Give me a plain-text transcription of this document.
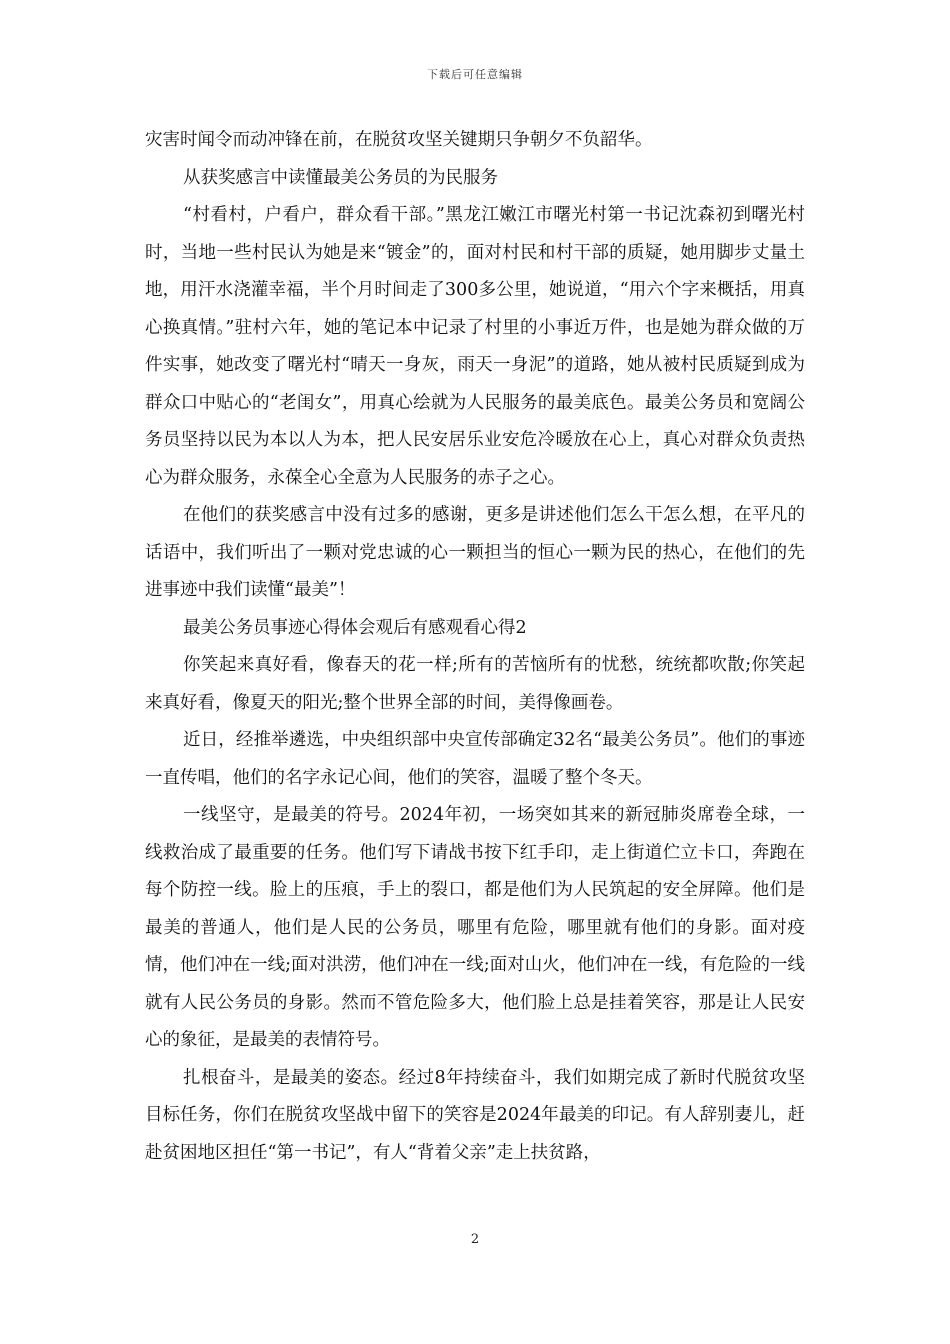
下载后可任意编辑

灾害时闻令而动冲锋在前，在脱贫攻坚关键期只争朝夕不负韶华。

从获奖感言中读懂最美公务员的为民服务

“村看村，户看户，群众看干部。”黑龙江嫩江市曙光村第一书记沈森初到曙光村时，当地一些村民认为她是来“镀金”的，面对村民和村干部的质疑，她用脚步丈量土地，用汗水浇灌幸福，半个月时间走了300多公里，她说道，“用六个字来概括，用真心换真情。”驻村六年，她的笔记本中记录了村里的小事近万件，也是她为群众做的万件实事，她改变了曙光村“晴天一身灰，雨天一身泥”的道路，她从被村民质疑到成为群众口中贴心的“老闺女”，用真心绘就为人民服务的最美底色。最美公务员和宽阔公务员坚持以民为本以人为本，把人民安居乐业安危冷暖放在心上，真心对群众负责热心为群众服务，永葆全心全意为人民服务的赤子之心。

在他们的获奖感言中没有过多的感谢，更多是讲述他们怎么干怎么想，在平凡的话语中，我们听出了一颗对党忠诚的心一颗担当的恒心一颗为民的热心，在他们的先进事迹中我们读懂“最美”！

最美公务员事迹心得体会观后有感观看心得2

你笑起来真好看，像春天的花一样;所有的苦恼所有的忧愁，统统都吹散;你笑起来真好看，像夏天的阳光;整个世界全部的时间，美得像画卷。

近日，经推举遴选，中央组织部中央宣传部确定32名“最美公务员”。他们的事迹一直传唱，他们的名字永记心间，他们的笑容，温暖了整个冬天。

一线坚守，是最美的符号。2024年初，一场突如其来的新冠肺炎席卷全球，一线救治成了最重要的任务。他们写下请战书按下红手印，走上街道伫立卡口，奔跑在每个防控一线。脸上的压痕，手上的裂口，都是他们为人民筑起的安全屏障。他们是最美的普通人，他们是人民的公务员，哪里有危险，哪里就有他们的身影。面对疫情，他们冲在一线;面对洪涝，他们冲在一线;面对山火，他们冲在一线，有危险的一线就有人民公务员的身影。然而不管危险多大，他们脸上总是挂着笑容，那是让人民安心的象征，是最美的表情符号。

扎根奋斗，是最美的姿态。经过8年持续奋斗，我们如期完成了新时代脱贫攻坚目标任务，你们在脱贫攻坚战中留下的笑容是2024年最美的印记。有人辞别妻儿，赶赴贫困地区担任“第一书记”，有人“背着父亲”走上扶贫路，

2
